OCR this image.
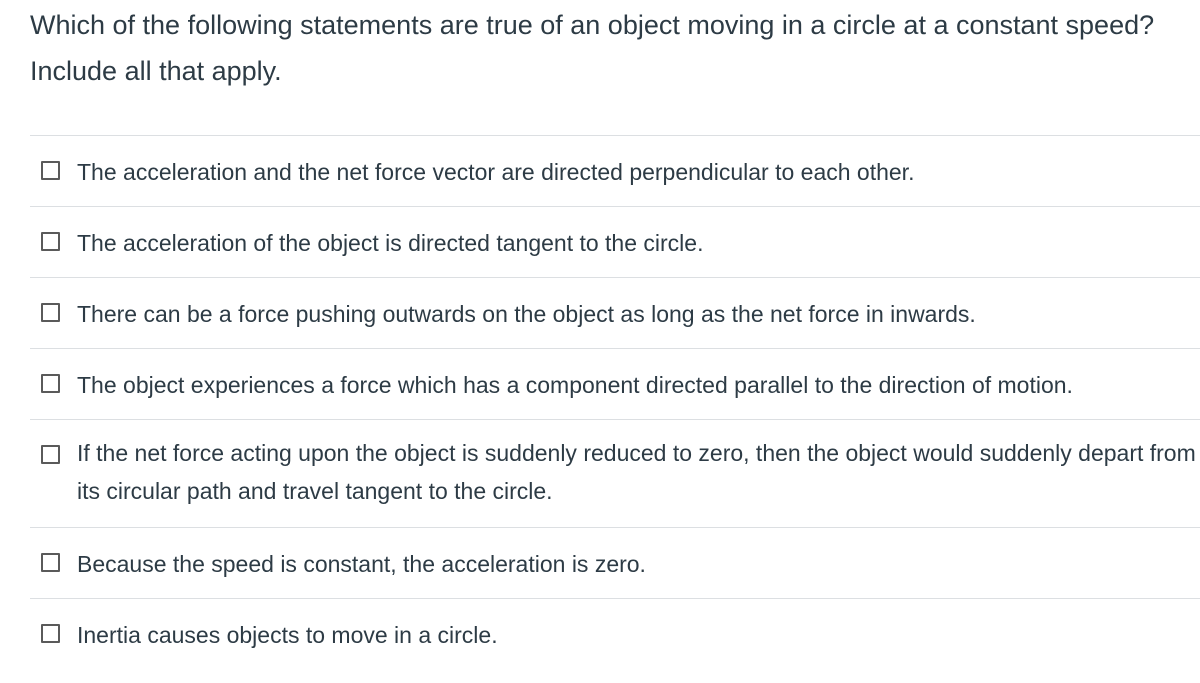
Which of the following statements are true of an object moving in a circle at a constant speed? Include all that apply.
The acceleration and the net force vector are directed perpendicular to each other.
The acceleration of the object is directed tangent to the circle.
There can be a force pushing outwards on the object as long as the net force in inwards.
The object experiences a force which has a component directed parallel to the direction of motion.
If the net force acting upon the object is suddenly reduced to zero, then the object would suddenly depart from its circular path and travel tangent to the circle.
Because the speed is constant, the acceleration is zero.
Inertia causes objects to move in a circle.
